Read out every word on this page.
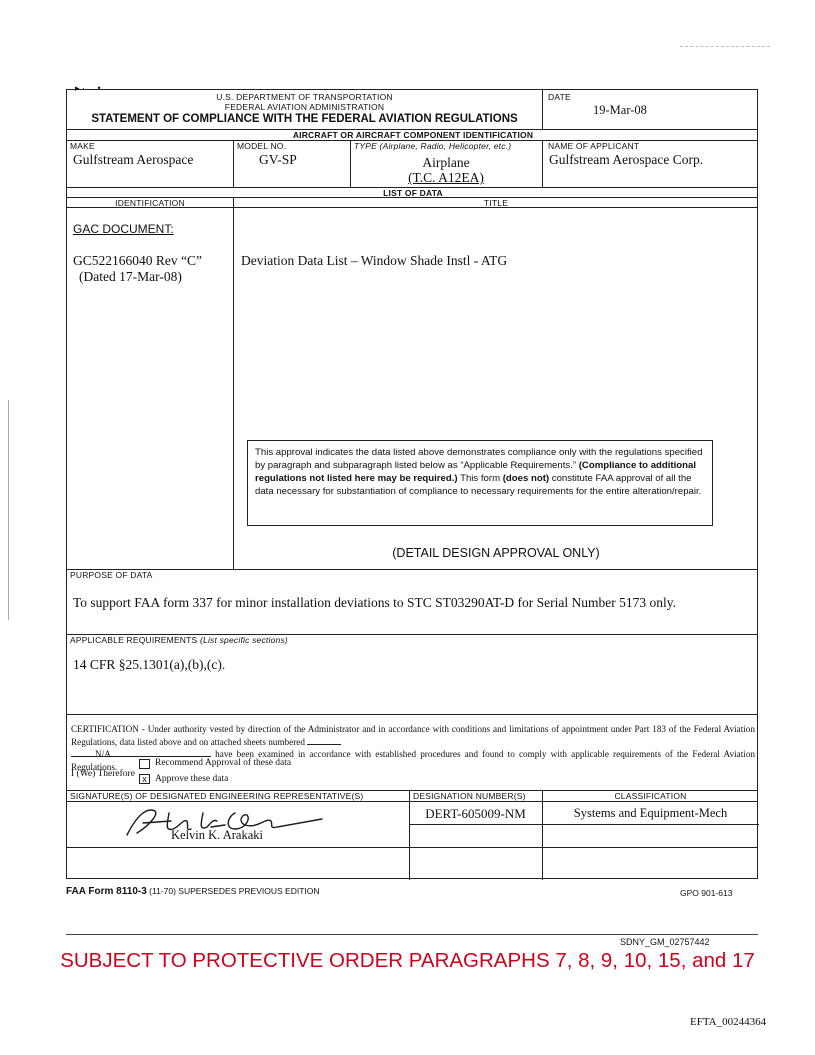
▸ ·     •
U.S. DEPARTMENT OF TRANSPORTATION
FEDERAL AVIATION ADMINISTRATION
STATEMENT OF COMPLIANCE WITH THE FEDERAL AVIATION REGULATIONS
DATE
19-Mar-08
AIRCRAFT OR AIRCRAFT COMPONENT IDENTIFICATION
MAKE
Gulfstream Aerospace
MODEL NO.
GV-SP
TYPE (Airplane, Radio, Helicopter, etc.)
Airplane
(T.C. A12EA)
NAME OF APPLICANT
Gulfstream Aerospace Corp.
LIST OF DATA
IDENTIFICATION	TITLE
GAC DOCUMENT:
GC522166040 Rev “C”
(Dated 17-Mar-08)
Deviation Data List – Window Shade Instl - ATG
This approval indicates the data listed above demonstrates compliance only with the regulations specified by paragraph and subparagraph listed below as “Applicable Requirements.” (Compliance to additional regulations not listed here may be required.) This form (does not) constitute FAA approval of all the data necessary for substantiation of compliance to necessary requirements for the entire alteration/repair.
(DETAIL DESIGN APPROVAL ONLY)
PURPOSE OF DATA
To support FAA form 337 for minor installation deviations to STC ST03290AT-D for Serial Number 5173 only.
APPLICABLE REQUIREMENTS (List specific sections)
14 CFR §25.1301(a),(b),(c).
CERTIFICATION - Under authority vested by direction of the Administrator and in accordance with conditions and limitations of appointment under Part 183 of the Federal Aviation Regulations, data listed above and on attached sheets numbered
N/A	have been examined in accordance with established procedures and found to comply with applicable requirements of the Federal Aviation Regulations.
I (We) Therefore
Recommend Approval of these data
x Approve these data
SIGNATURE(S) OF DESIGNATED ENGINEERING REPRESENTATIVE(S)	DESIGNATION NUMBER(S)	CLASSIFICATION
Kelvin K. Arakaki
DERT-605009-NM	Systems and Equipment-Mech
FAA Form 8110-3 (11-70) SUPERSEDES PREVIOUS EDITION	GPO 901-613
SDNY_GM_02757442
SUBJECT TO PROTECTIVE ORDER PARAGRAPHS 7, 8, 9, 10, 15, and 17
EFTA_00244364
